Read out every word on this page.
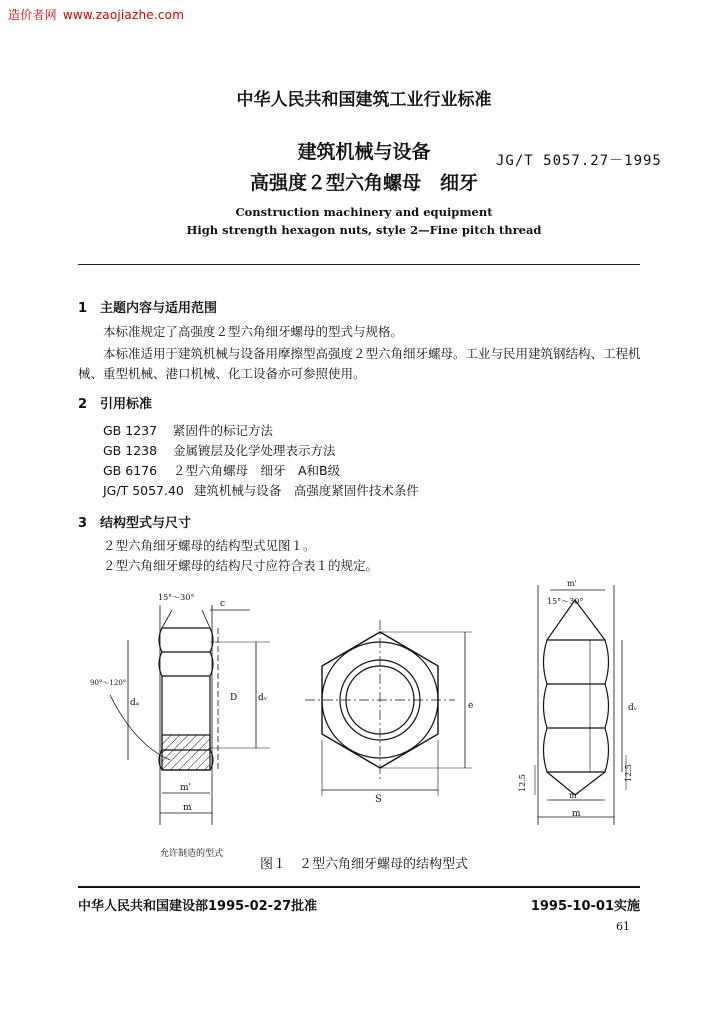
造价者网 www.zaojiazhe.com
中华人民共和国建筑工业行业标准
建筑机械与设备
高强度２型六角螺母　细牙
JG/T 5057.27－1995
Construction machinery and equipment
High strength hexagon nuts, style 2—Fine pitch thread
1 主题内容与适用范围
本标准规定了高强度２型六角细牙螺母的型式与规格。
本标准适用于建筑机械与设备用摩擦型高强度２型六角细牙螺母。工业与民用建筑钢结构、工程机
械、重型机械、港口机械、化工设备亦可参照使用。
2 引用标准
GB 1237 紧固件的标记方法
GB 1238 金属镀层及化学处理表示方法
GB 6176 ２型六角螺母　细牙　A和B级
JG/T 5057.40 建筑机械与设备　高强度紧固件技术条件
3 结构型式与尺寸
２型六角细牙螺母的结构型式见图１。
２型六角细牙螺母的结构尺寸应符合表１的规定。
15°～30°
c
90°～120°
dₐ	D dᵥ
m'
m
S
e
m'
15°～30°
dᵥ
12.5
12.5
m'
m
允许制造的型式
图１　２型六角细牙螺母的结构型式
中华人民共和国建设部1995-02-27批准	1995-10-01实施
61
